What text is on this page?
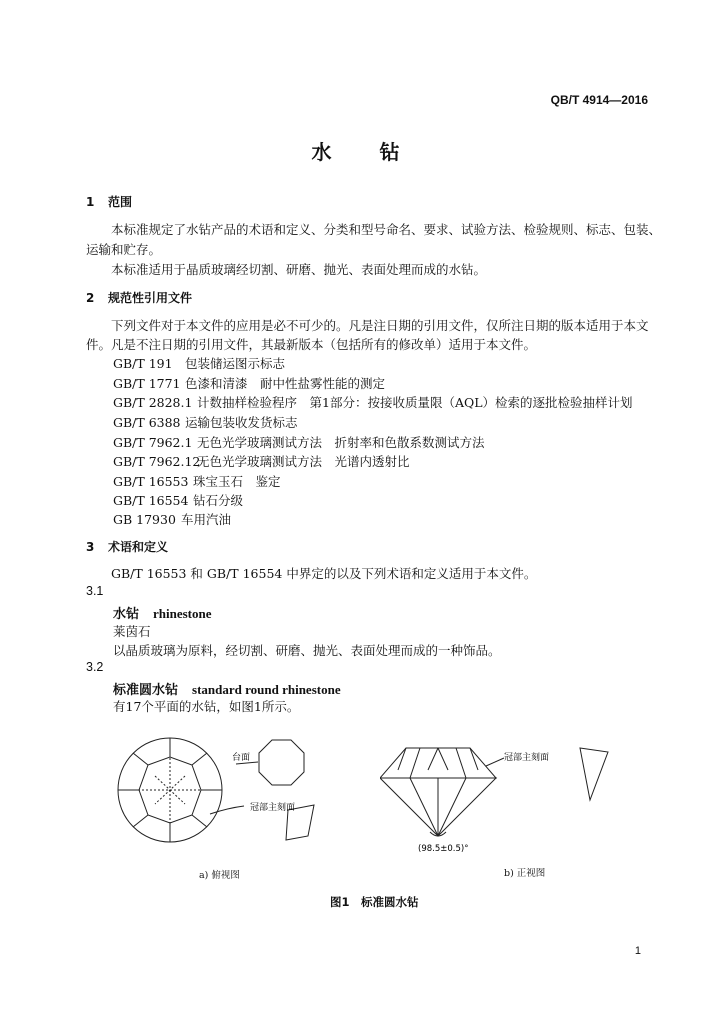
QB/T 4914—2016
水　钻
1 范围
本标准规定了水钻产品的术语和定义、分类和型号命名、要求、试验方法、检验规则、标志、包装、
运输和贮存。
本标准适用于晶质玻璃经切割、研磨、抛光、表面处理而成的水钻。
2 规范性引用文件
下列文件对于本文件的应用是必不可少的。凡是注日期的引用文件，仅所注日期的版本适用于本文
件。凡是不注日期的引用文件，其最新版本（包括所有的修改单）适用于本文件。
GB/T 191 包装储运图示标志
GB/T 1771 色漆和清漆　耐中性盐雾性能的测定
GB/T 2828.1 计数抽样检验程序　第1部分：按接收质量限（AQL）检索的逐批检验抽样计划
GB/T 6388 运输包装收发货标志
GB/T 7962.1 无色光学玻璃测试方法　折射率和色散系数测试方法
GB/T 7962.12无色光学玻璃测试方法　光谱内透射比
GB/T 16553 珠宝玉石　鉴定
GB/T 16554 钻石分级
GB 17930 车用汽油
3 术语和定义
GB/T 16553 和 GB/T 16554 中界定的以及下列术语和定义适用于本文件。
3.1
水钻 rhinestone
莱茵石
以晶质玻璃为原料，经切割、研磨、抛光、表面处理而成的一种饰品。
3.2
标准圆水钻 standard round rhinestone
有17个平面的水钻，如图1所示。
台面
冠部主刻面
冠部主刻面
(98.5±0.5)°
a) 俯视图	b) 正视图
图1　标准圆水钻
1
